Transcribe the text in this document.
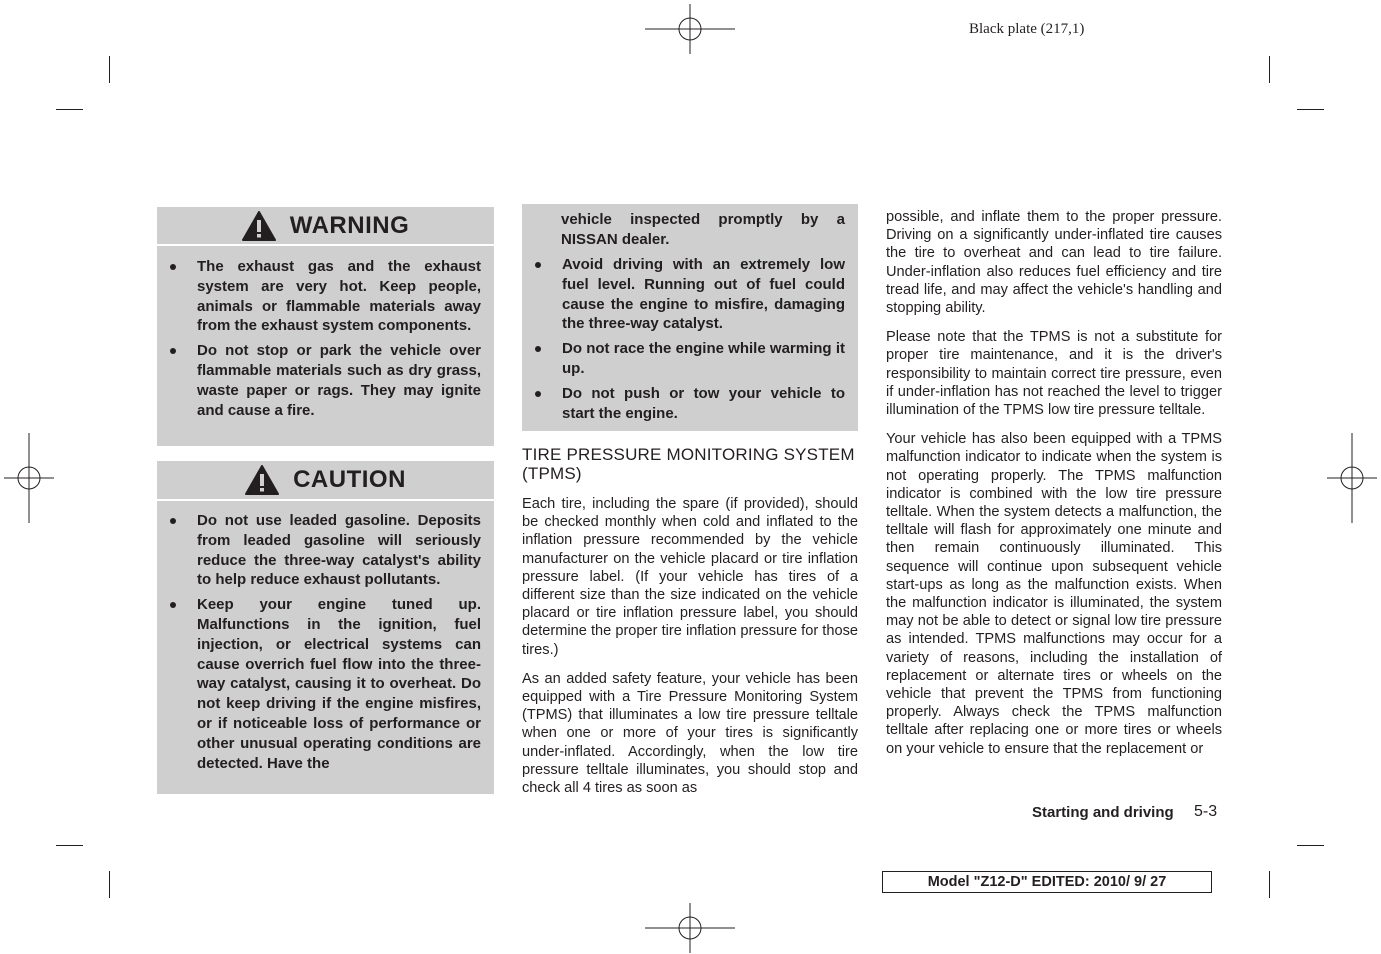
Black plate (217,1)
WARNING
The exhaust gas and the exhaust system are very hot. Keep people, animals or flammable materials away from the exhaust system components.
Do not stop or park the vehicle over flammable materials such as dry grass, waste paper or rags. They may ignite and cause a fire.
CAUTION
Do not use leaded gasoline. Deposits from leaded gasoline will seriously reduce the three-way catalyst's ability to help reduce exhaust pollutants.
Keep your engine tuned up. Malfunctions in the ignition, fuel injection, or electrical systems can cause overrich fuel flow into the three-way catalyst, causing it to overheat. Do not keep driving if the engine misfires, or if noticeable loss of performance or other unusual operating conditions are detected. Have the
vehicle inspected promptly by a NISSAN dealer.
Avoid driving with an extremely low fuel level. Running out of fuel could cause the engine to misfire, damaging the three-way catalyst.
Do not race the engine while warming it up.
Do not push or tow your vehicle to start the engine.
TIRE PRESSURE MONITORING SYSTEM (TPMS)

Each tire, including the spare (if provided), should be checked monthly when cold and inflated to the inflation pressure recommended by the vehicle manufacturer on the vehicle placard or tire inflation pressure label. (If your vehicle has tires of a different size than the size indicated on the vehicle placard or tire inflation pressure label, you should determine the proper tire inflation pressure for those tires.)

As an added safety feature, your vehicle has been equipped with a Tire Pressure Monitoring System (TPMS) that illuminates a low tire pressure telltale when one or more of your tires is significantly under-inflated. Accordingly, when the low tire pressure telltale illuminates, you should stop and check all 4 tires as soon as

possible, and inflate them to the proper pressure. Driving on a significantly under-inflated tire causes the tire to overheat and can lead to tire failure. Under-inflation also reduces fuel efficiency and tire tread life, and may affect the vehicle's handling and stopping ability.

Please note that the TPMS is not a substitute for proper tire maintenance, and it is the driver's responsibility to maintain correct tire pressure, even if under-inflation has not reached the level to trigger illumination of the TPMS low tire pressure telltale.

Your vehicle has also been equipped with a TPMS malfunction indicator to indicate when the system is not operating properly. The TPMS malfunction indicator is combined with the low tire pressure telltale. When the system detects a malfunction, the telltale will flash for approximately one minute and then remain continuously illuminated. This sequence will continue upon subsequent vehicle start-ups as long as the malfunction exists. When the malfunction indicator is illuminated, the system may not be able to detect or signal low tire pressure as intended. TPMS malfunctions may occur for a variety of reasons, including the installation of replacement or alternate tires or wheels on the vehicle that prevent the TPMS from functioning properly. Always check the TPMS malfunction telltale after replacing one or more tires or wheels on your vehicle to ensure that the replacement or

Starting and driving 5-3
Model "Z12-D" EDITED: 2010/ 9/ 27
